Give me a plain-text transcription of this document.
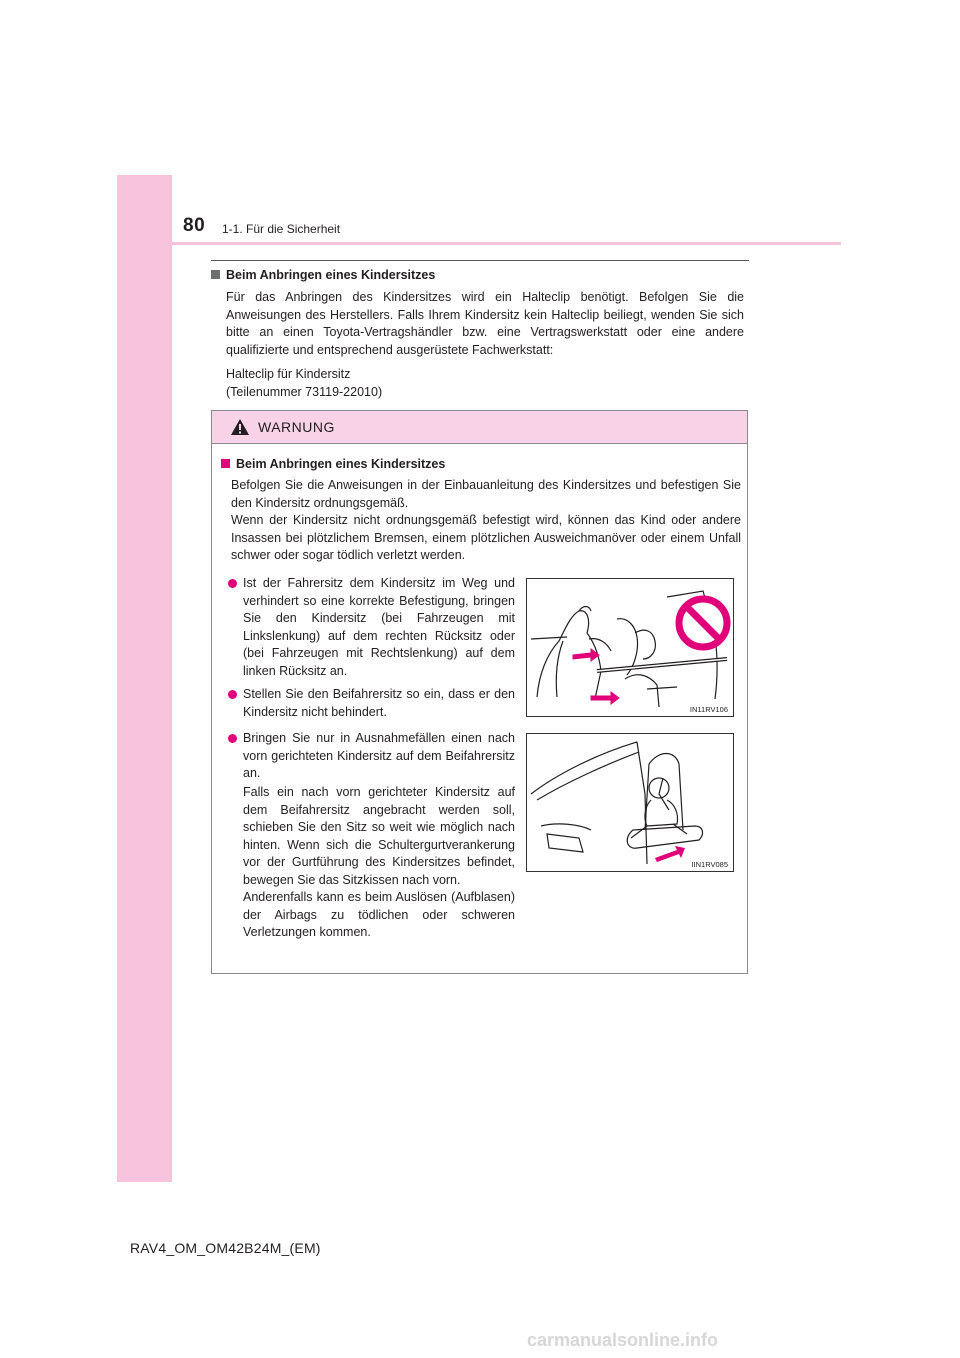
80 1-1. Für die Sicherheit
Beim Anbringen eines Kindersitzes

Für das Anbringen des Kindersitzes wird ein Halteclip benötigt. Befolgen Sie die Anweisungen des Herstellers. Falls Ihrem Kindersitz kein Halteclip beiliegt, wenden Sie sich bitte an einen Toyota-Vertragshändler bzw. eine Vertragswerkstatt oder eine andere qualifizierte und entsprechend ausgerüstete Fachwerkstatt:

Halteclip für Kindersitz

(Teilenummer 73119-22010)

WARNUNG
Beim Anbringen eines Kindersitzes

Befolgen Sie die Anweisungen in der Einbauanleitung des Kindersitzes und befestigen Sie den Kindersitz ordnungsgemäß.

Wenn der Kindersitz nicht ordnungsgemäß befestigt wird, können das Kind oder andere Insassen bei plötzlichem Bremsen, einem plötzlichen Ausweichmanöver oder einem Unfall schwer oder sogar tödlich verletzt werden.

Ist der Fahrersitz dem Kindersitz im Weg und verhindert so eine korrekte Befestigung, bringen Sie den Kindersitz (bei Fahrzeugen mit Linkslenkung) auf dem rechten Rücksitz oder (bei Fahrzeugen mit Rechtslenkung) auf dem linken Rücksitz an.

Stellen Sie den Beifahrersitz so ein, dass er den Kindersitz nicht behindert.

Bringen Sie nur in Ausnahmefällen einen nach vorn gerichteten Kindersitz auf dem Beifahrersitz an.

Falls ein nach vorn gerichteter Kindersitz auf dem Beifahrersitz angebracht werden soll, schieben Sie den Sitz so weit wie möglich nach hinten. Wenn sich die Schultergurtverankerung vor der Gurtführung des Kindersitzes befindet, bewegen Sie das Sitzkissen nach vorn.

Anderenfalls kann es beim Auslösen (Aufblasen) der Airbags zu tödlichen oder schweren Verletzungen kommen.

IN11RV106
IIN1RV085
RAV4_OM_OM42B24M_(EM)
carmanualsonline.info
